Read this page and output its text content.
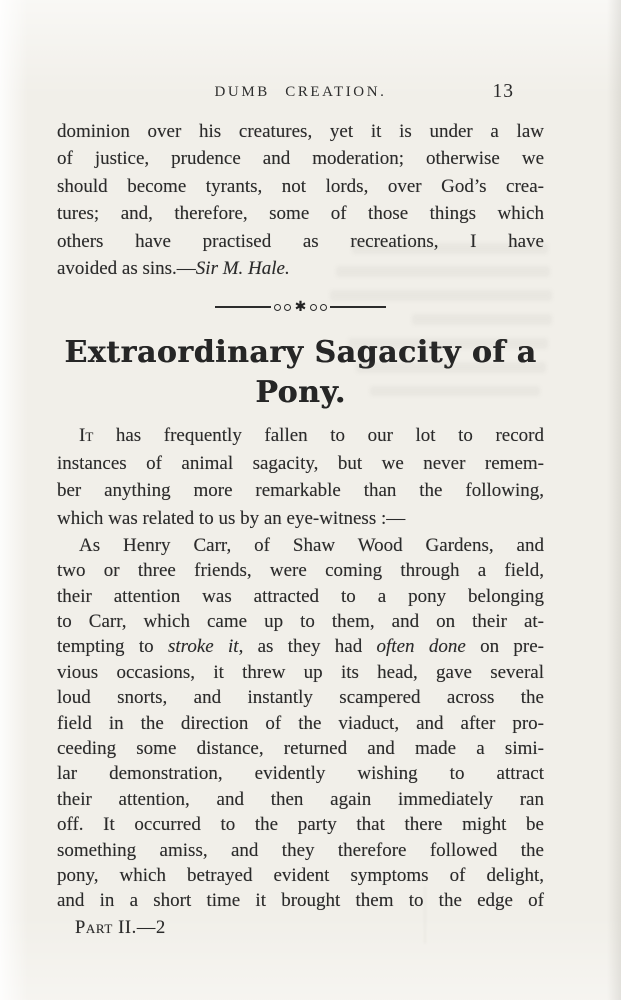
DUMB CREATION.	13
dominion over his creatures, yet it is under a law
of justice, prudence and moderation; otherwise we
should become tyrants, not lords, over God’s crea-
tures; and, therefore, some of those things which
others have practised as recreations, I have
avoided as sins.—Sir M. Hale.
✱
Extraordinary Sagacity of a Pony.
It has frequently fallen to our lot to record
instances of animal sagacity, but we never remem-
ber anything more remarkable than the following,
which was related to us by an eye-witness :—
As Henry Carr, of Shaw Wood Gardens, and
two or three friends, were coming through a field,
their attention was attracted to a pony belonging
to Carr, which came up to them, and on their at-
tempting to stroke it, as they had often done on pre-
vious occasions, it threw up its head, gave several
loud snorts, and instantly scampered across the
field in the direction of the viaduct, and after pro-
ceeding some distance, returned and made a simi-
lar demonstration, evidently wishing to attract
their attention, and then again immediately ran
off. It occurred to the party that there might be
something amiss, and they therefore followed the
pony, which betrayed evident symptoms of delight,
and in a short time it brought them to the edge of
Part II.—2
